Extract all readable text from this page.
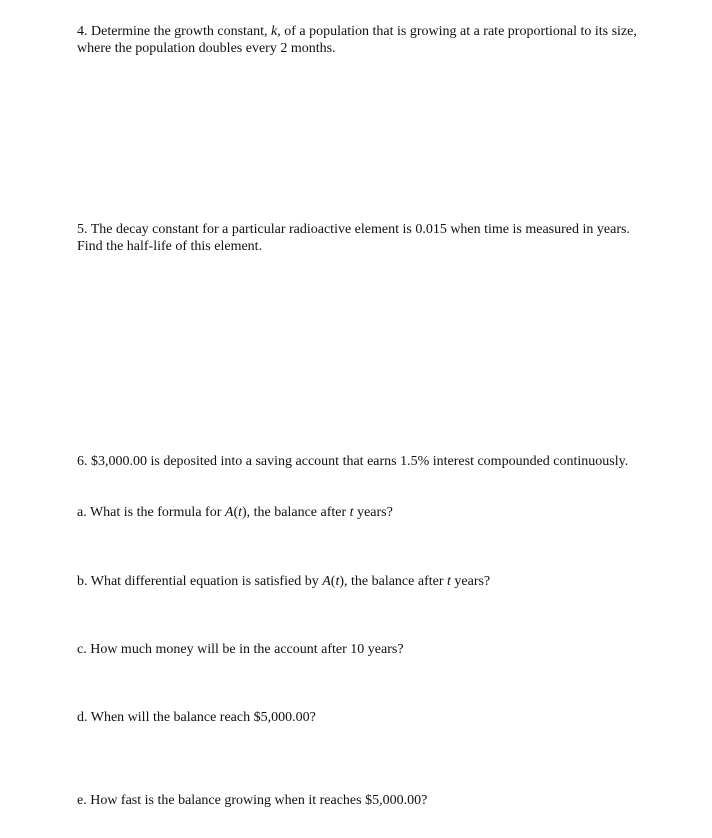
4. Determine the growth constant, k, of a population that is growing at a rate proportional to its size, where the population doubles every 2 months.

5. The decay constant for a particular radioactive element is 0.015 when time is measured in years. Find the half-life of this element.

6. $3,000.00 is deposited into a saving account that earns 1.5% interest compounded continuously.

a. What is the formula for A(t), the balance after t years?

b. What differential equation is satisfied by A(t), the balance after t years?

c. How much money will be in the account after 10 years?

d. When will the balance reach $5,000.00?

e. How fast is the balance growing when it reaches $5,000.00?
